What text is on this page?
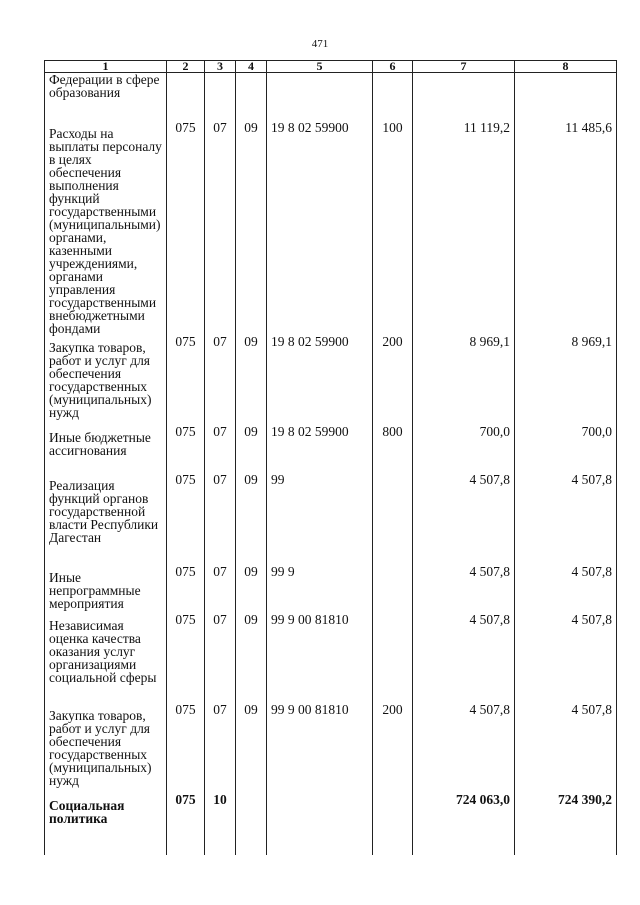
471
1	2	3	4	5	6	7	8
Федерации в сфере образования							
Расходы на выплаты персоналу в целях обеспечения выполнения функций государственными (муниципальными) органами, казенными учреждениями, органами управления государственными внебюджетными фондами	075	07	09	19 8 02 59900	100	11 119,2	11 485,6
Закупка товаров, работ и услуг для обеспечения государственных (муниципальных) нужд	075	07	09	19 8 02 59900	200	8 969,1	8 969,1
Иные бюджетные ассигнования	075	07	09	19 8 02 59900	800	700,0	700,0
Реализация функций органов государственной власти Республики Дагестан	075	07	09	99		4 507,8	4 507,8
Иные непрограммные мероприятия	075	07	09	99 9		4 507,8	4 507,8
Независимая оценка качества оказания услуг организациями социальной сферы	075	07	09	99 9 00 81810		4 507,8	4 507,8
Закупка товаров, работ и услуг для обеспечения государственных (муниципальных) нужд	075	07	09	99 9 00 81810	200	4 507,8	4 507,8
Социальная политика	075	10				724 063,0	724 390,2
